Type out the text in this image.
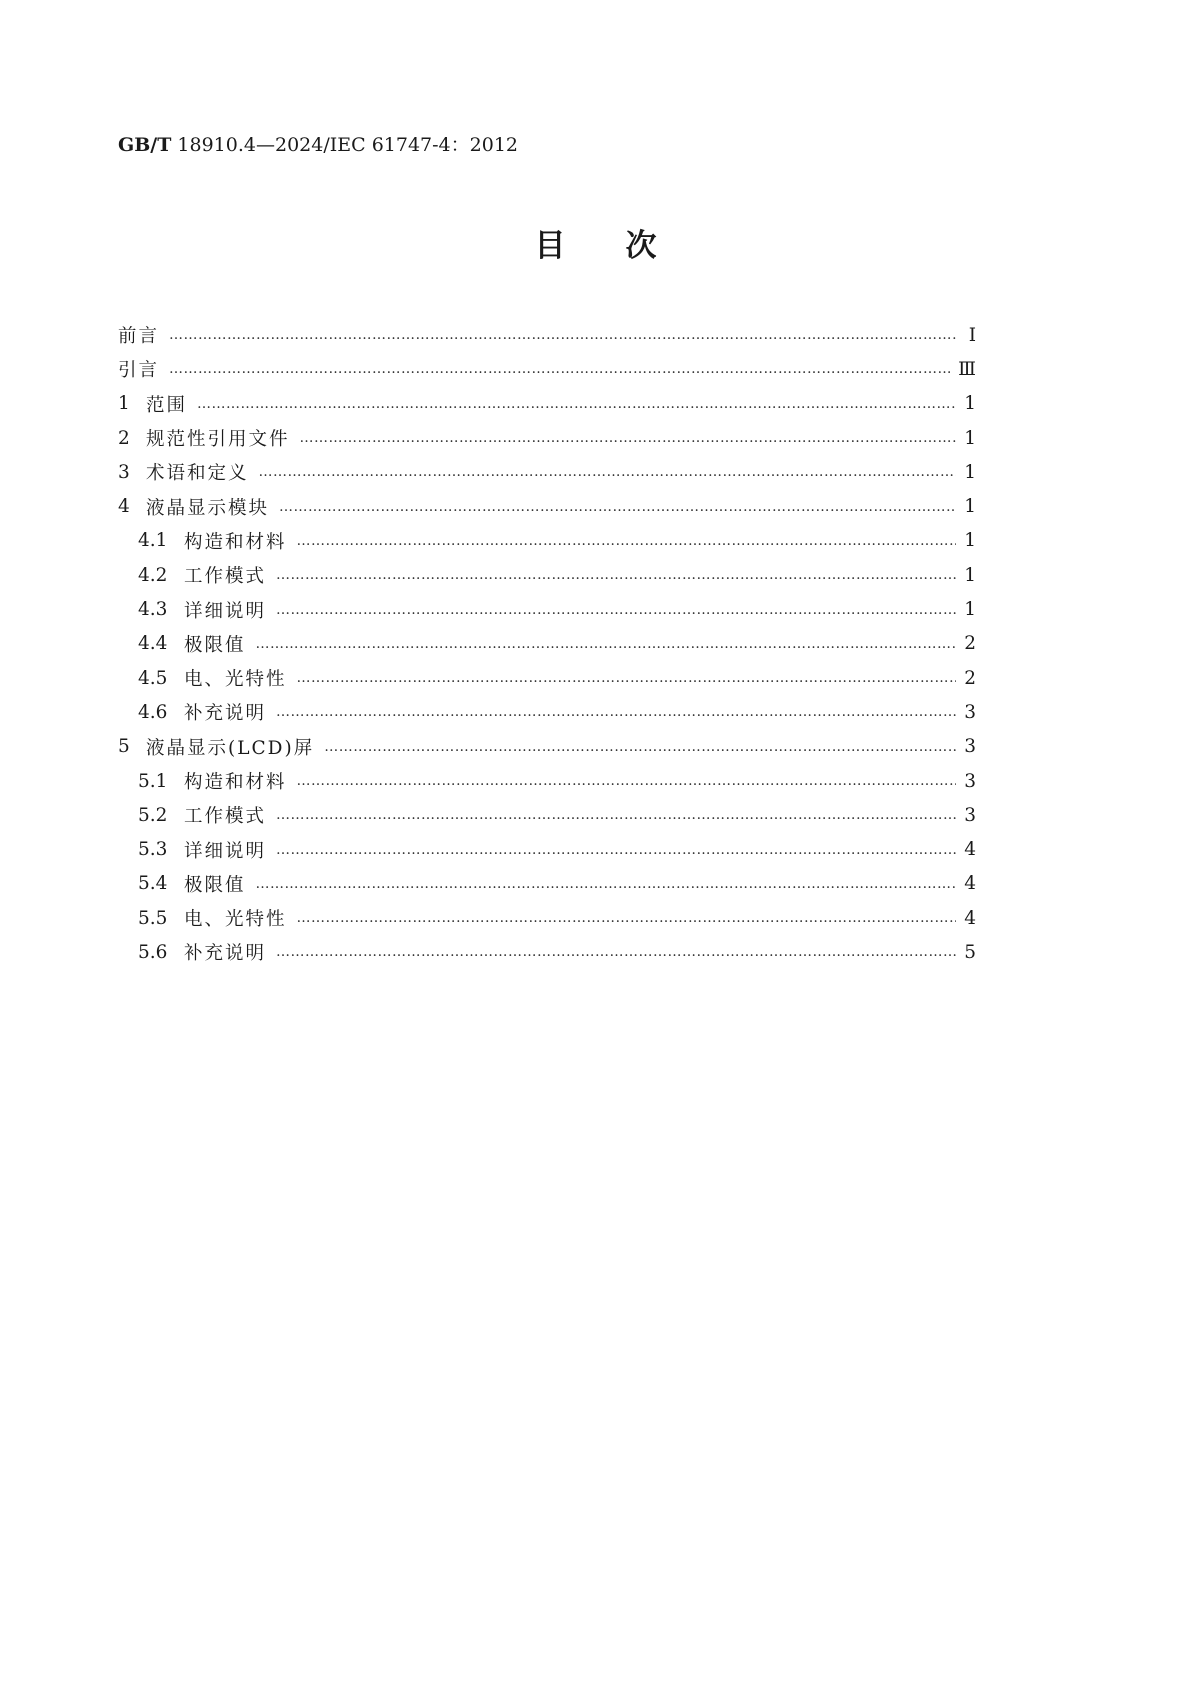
GB/T 18910.4—2024/IEC 61747-4：2012
目次
前言 …………………………………………………………………………………………………………………………………………………………………………………………………………	Ⅰ
引言 …………………………………………………………………………………………………………………………………………………………………………………………………………	Ⅲ
1 范围 …………………………………………………………………………………………………………………………………………………………………………………………………………	1
2 规范性引用文件 …………………………………………………………………………………………………………………………………………………………………………………………………………	1
3 术语和定义 …………………………………………………………………………………………………………………………………………………………………………………………………………	1
4 液晶显示模块 …………………………………………………………………………………………………………………………………………………………………………………………………………	1
4.1 构造和材料 …………………………………………………………………………………………………………………………………………………………………………………………………………	1
4.2 工作模式 …………………………………………………………………………………………………………………………………………………………………………………………………………	1
4.3 详细说明 …………………………………………………………………………………………………………………………………………………………………………………………………………	1
4.4 极限值 …………………………………………………………………………………………………………………………………………………………………………………………………………	2
4.5 电、光特性 …………………………………………………………………………………………………………………………………………………………………………………………………………	2
4.6 补充说明 …………………………………………………………………………………………………………………………………………………………………………………………………………	3
5 液晶显示(LCD)屏 …………………………………………………………………………………………………………………………………………………………………………………………………………	3
5.1 构造和材料 …………………………………………………………………………………………………………………………………………………………………………………………………………	3
5.2 工作模式 …………………………………………………………………………………………………………………………………………………………………………………………………………	3
5.3 详细说明 …………………………………………………………………………………………………………………………………………………………………………………………………………	4
5.4 极限值 …………………………………………………………………………………………………………………………………………………………………………………………………………	4
5.5 电、光特性 …………………………………………………………………………………………………………………………………………………………………………………………………………	4
5.6 补充说明 …………………………………………………………………………………………………………………………………………………………………………………………………………	5
